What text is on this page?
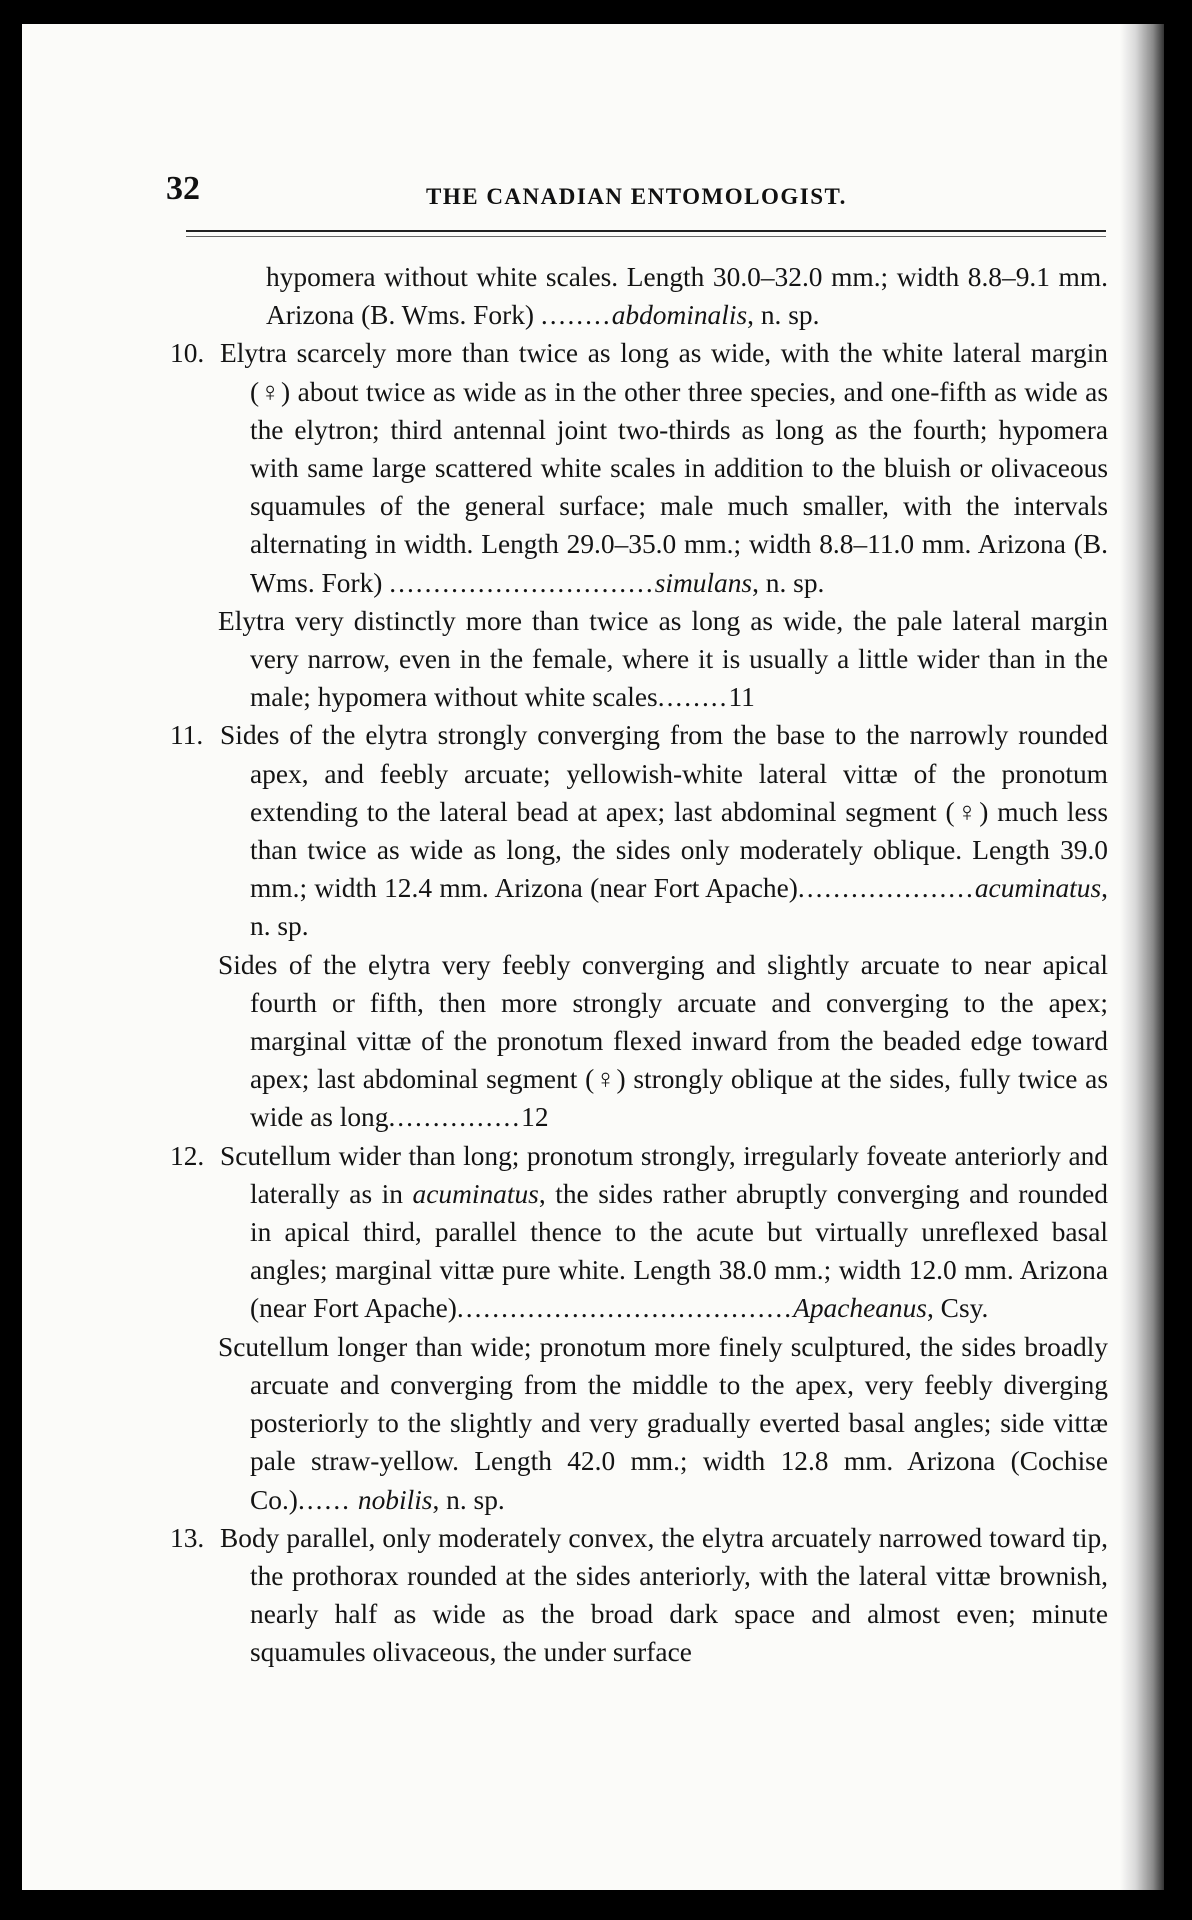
32	THE CANADIAN ENTOMOLOGIST.

hypomera without white scales. Length 30.0–32.0 mm.; width 8.8–9.1 mm. Arizona (B. Wms. Fork) ........abdominalis, n. sp.

10. Elytra scarcely more than twice as long as wide, with the white lateral margin (♀) about twice as wide as in the other three species, and one-fifth as wide as the elytron; third antennal joint two-thirds as long as the fourth; hypomera with same large scattered white scales in addition to the bluish or olivaceous squamules of the general surface; male much smaller, with the intervals alternating in width. Length 29.0–35.0 mm.; width 8.8–11.0 mm. Arizona (B. Wms. Fork) ..............................simulans, n. sp.

Elytra very distinctly more than twice as long as wide, the pale lateral margin very narrow, even in the female, where it is usually a little wider than in the male; hypomera without white scales........11

11. Sides of the elytra strongly converging from the base to the narrowly rounded apex, and feebly arcuate; yellowish-white lateral vittæ of the pronotum extending to the lateral bead at apex; last abdominal segment (♀) much less than twice as wide as long, the sides only moderately oblique. Length 39.0 mm.; width 12.4 mm. Arizona (near Fort Apache)....................acuminatus, n. sp.

Sides of the elytra very feebly converging and slightly arcuate to near apical fourth or fifth, then more strongly arcuate and converging to the apex; marginal vittæ of the pronotum flexed inward from the beaded edge toward apex; last abdominal segment (♀) strongly oblique at the sides, fully twice as wide as long...............12

12. Scutellum wider than long; pronotum strongly, irregularly foveate anteriorly and laterally as in acuminatus, the sides rather abruptly converging and rounded in apical third, parallel thence to the acute but virtually unreflexed basal angles; marginal vittæ pure white. Length 38.0 mm.; width 12.0 mm. Arizona (near Fort Apache)......................................Apacheanus, Csy.

Scutellum longer than wide; pronotum more finely sculptured, the sides broadly arcuate and converging from the middle to the apex, very feebly diverging posteriorly to the slightly and very gradually everted basal angles; side vittæ pale straw-yellow. Length 42.0 mm.; width 12.8 mm. Arizona (Cochise Co.)...... nobilis, n. sp.

13. Body parallel, only moderately convex, the elytra arcuately narrowed toward tip, the prothorax rounded at the sides anteriorly, with the lateral vittæ brownish, nearly half as wide as the broad dark space and almost even; minute squamules olivaceous, the under surface
